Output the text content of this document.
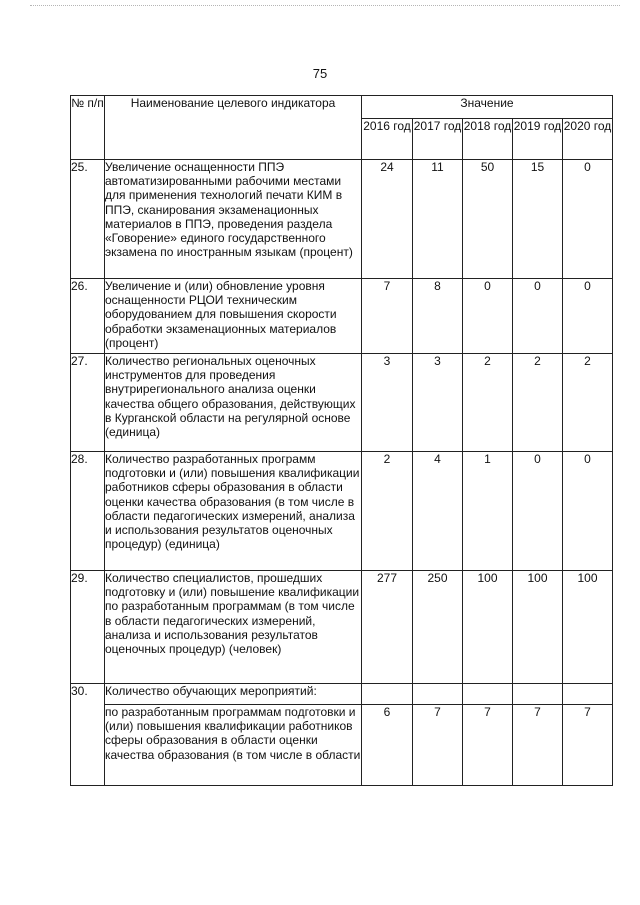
75
№ п/п	Наименование целевого индикатора	Значение				
		2016 год	2017 год	2018 год	2019 год	2020 год
25.	Увеличение оснащенности ППЭ автоматизированными рабочими местами для применения технологий печати КИМ в ППЭ, сканирования экзаменационных материалов в ППЭ, проведения раздела «Говорение» единого государственного экзамена по иностранным языкам (процент)	24	11	50	15	0
26.	Увеличение и (или) обновление уровня оснащенности РЦОИ техническим оборудованием для повышения скорости обработки экзаменационных материалов (процент)	7	8	0	0	0
27.	Количество региональных оценочных инструментов для проведения внутрирегионального анализа оценки качества общего образования, действующих в Курганской области на регулярной основе (единица)	3	3	2	2	2
28.	Количество разработанных программ подготовки и (или) повышения квалификации работников сферы образования в области оценки качества образования (в том числе в области педагогических измерений, анализа и использования результатов оценочных процедур) (единица)	2	4	1	0	0
29.	Количество специалистов, прошедших подготовку и (или) повышение квалификации по разработанным программам (в том числе в области педагогических измерений, анализа и использования результатов оценочных процедур) (человек)	277	250	100	100	100
30.	Количество обучающих мероприятий:					
	по разработанным программам подготовки и (или) повышения квалификации работников сферы образования в области оценки качества образования (в том числе в области	6	7	7	7	7
